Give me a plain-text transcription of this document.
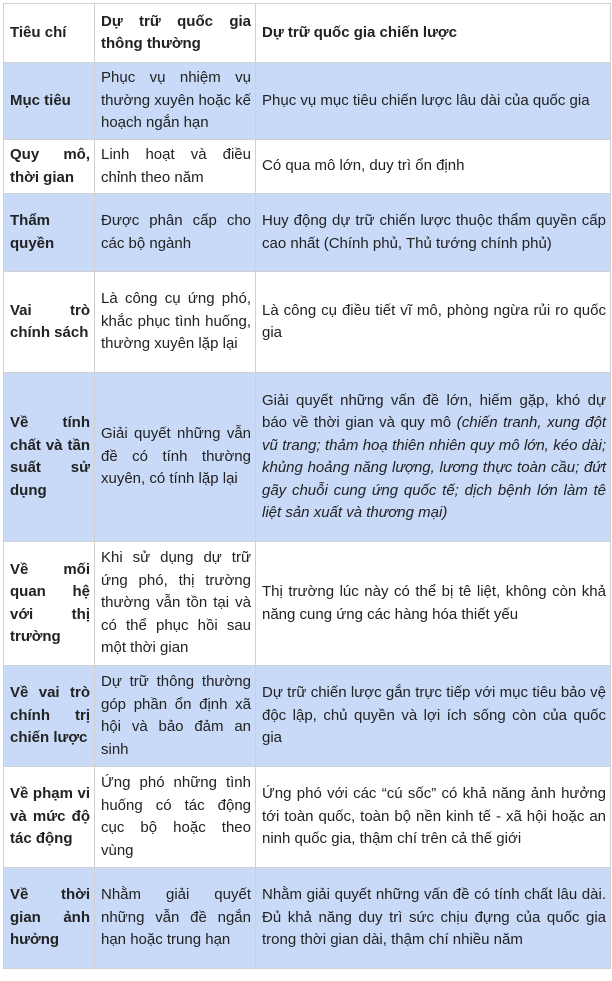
Tiêu chí	Dự trữ quốc gia thông thường	Dự trữ quốc gia chiến lược
Mục tiêu	Phục vụ nhiệm vụ thường xuyên hoặc kế hoạch ngắn hạn	Phục vụ mục tiêu chiến lược lâu dài của quốc gia
Quy mô, thời gian	Linh hoạt và điều chỉnh theo năm	Có qua mô lớn, duy trì ổn định
Thẩm quyền	Được phân cấp cho các bộ ngành	Huy động dự trữ chiến lược thuộc thẩm quyền cấp cao nhất (Chính phủ, Thủ tướng chính phủ)
Vai trò chính sách	Là công cụ ứng phó, khắc phục tình huống, thường xuyên lặp lại	Là công cụ điều tiết vĩ mô, phòng ngừa rủi ro quốc gia
Về tính chất và tần suất sử dụng	Giải quyết những vẫn đề có tính thường xuyên, có tính lặp lại	Giải quyết những vấn đề lớn, hiếm gặp, khó dự báo về thời gian và quy mô (chiến tranh, xung đột vũ trang; thảm hoạ thiên nhiên quy mô lớn, kéo dài; khủng hoảng năng lượng, lương thực toàn cầu; đứt gãy chuỗi cung ứng quốc tế; dịch bệnh lớn làm tê liệt sản xuất và thương mại)
Về mối quan hệ với thị trường	Khi sử dụng dự trữ ứng phó, thị trường thường vẫn tồn tại và có thể phục hồi sau một thời gian	Thị trường lúc này có thể bị tê liệt, không còn khả năng cung ứng các hàng hóa thiết yếu
Về vai trò chính trị chiến lược	Dự trữ thông thường góp phần ổn định xã hội và bảo đảm an sinh	Dự trữ chiến lược gắn trực tiếp với mục tiêu bảo vệ độc lập, chủ quyền và lợi ích sống còn của quốc gia
Về phạm vi và mức độ tác động	Ứng phó những tình huống có tác động cục bộ hoặc theo vùng	Ứng phó với các “cú sốc” có khả năng ảnh hưởng tới toàn quốc, toàn bộ nền kinh tế - xã hội hoặc an ninh quốc gia, thậm chí trên cả thế giới
Về thời gian ảnh hưởng	Nhằm giải quyết những vẫn đề ngắn hạn hoặc trung hạn	Nhằm giải quyết những vấn đề có tính chất lâu dài. Đủ khả năng duy trì sức chịu đựng của quốc gia trong thời gian dài, thậm chí nhiều năm
